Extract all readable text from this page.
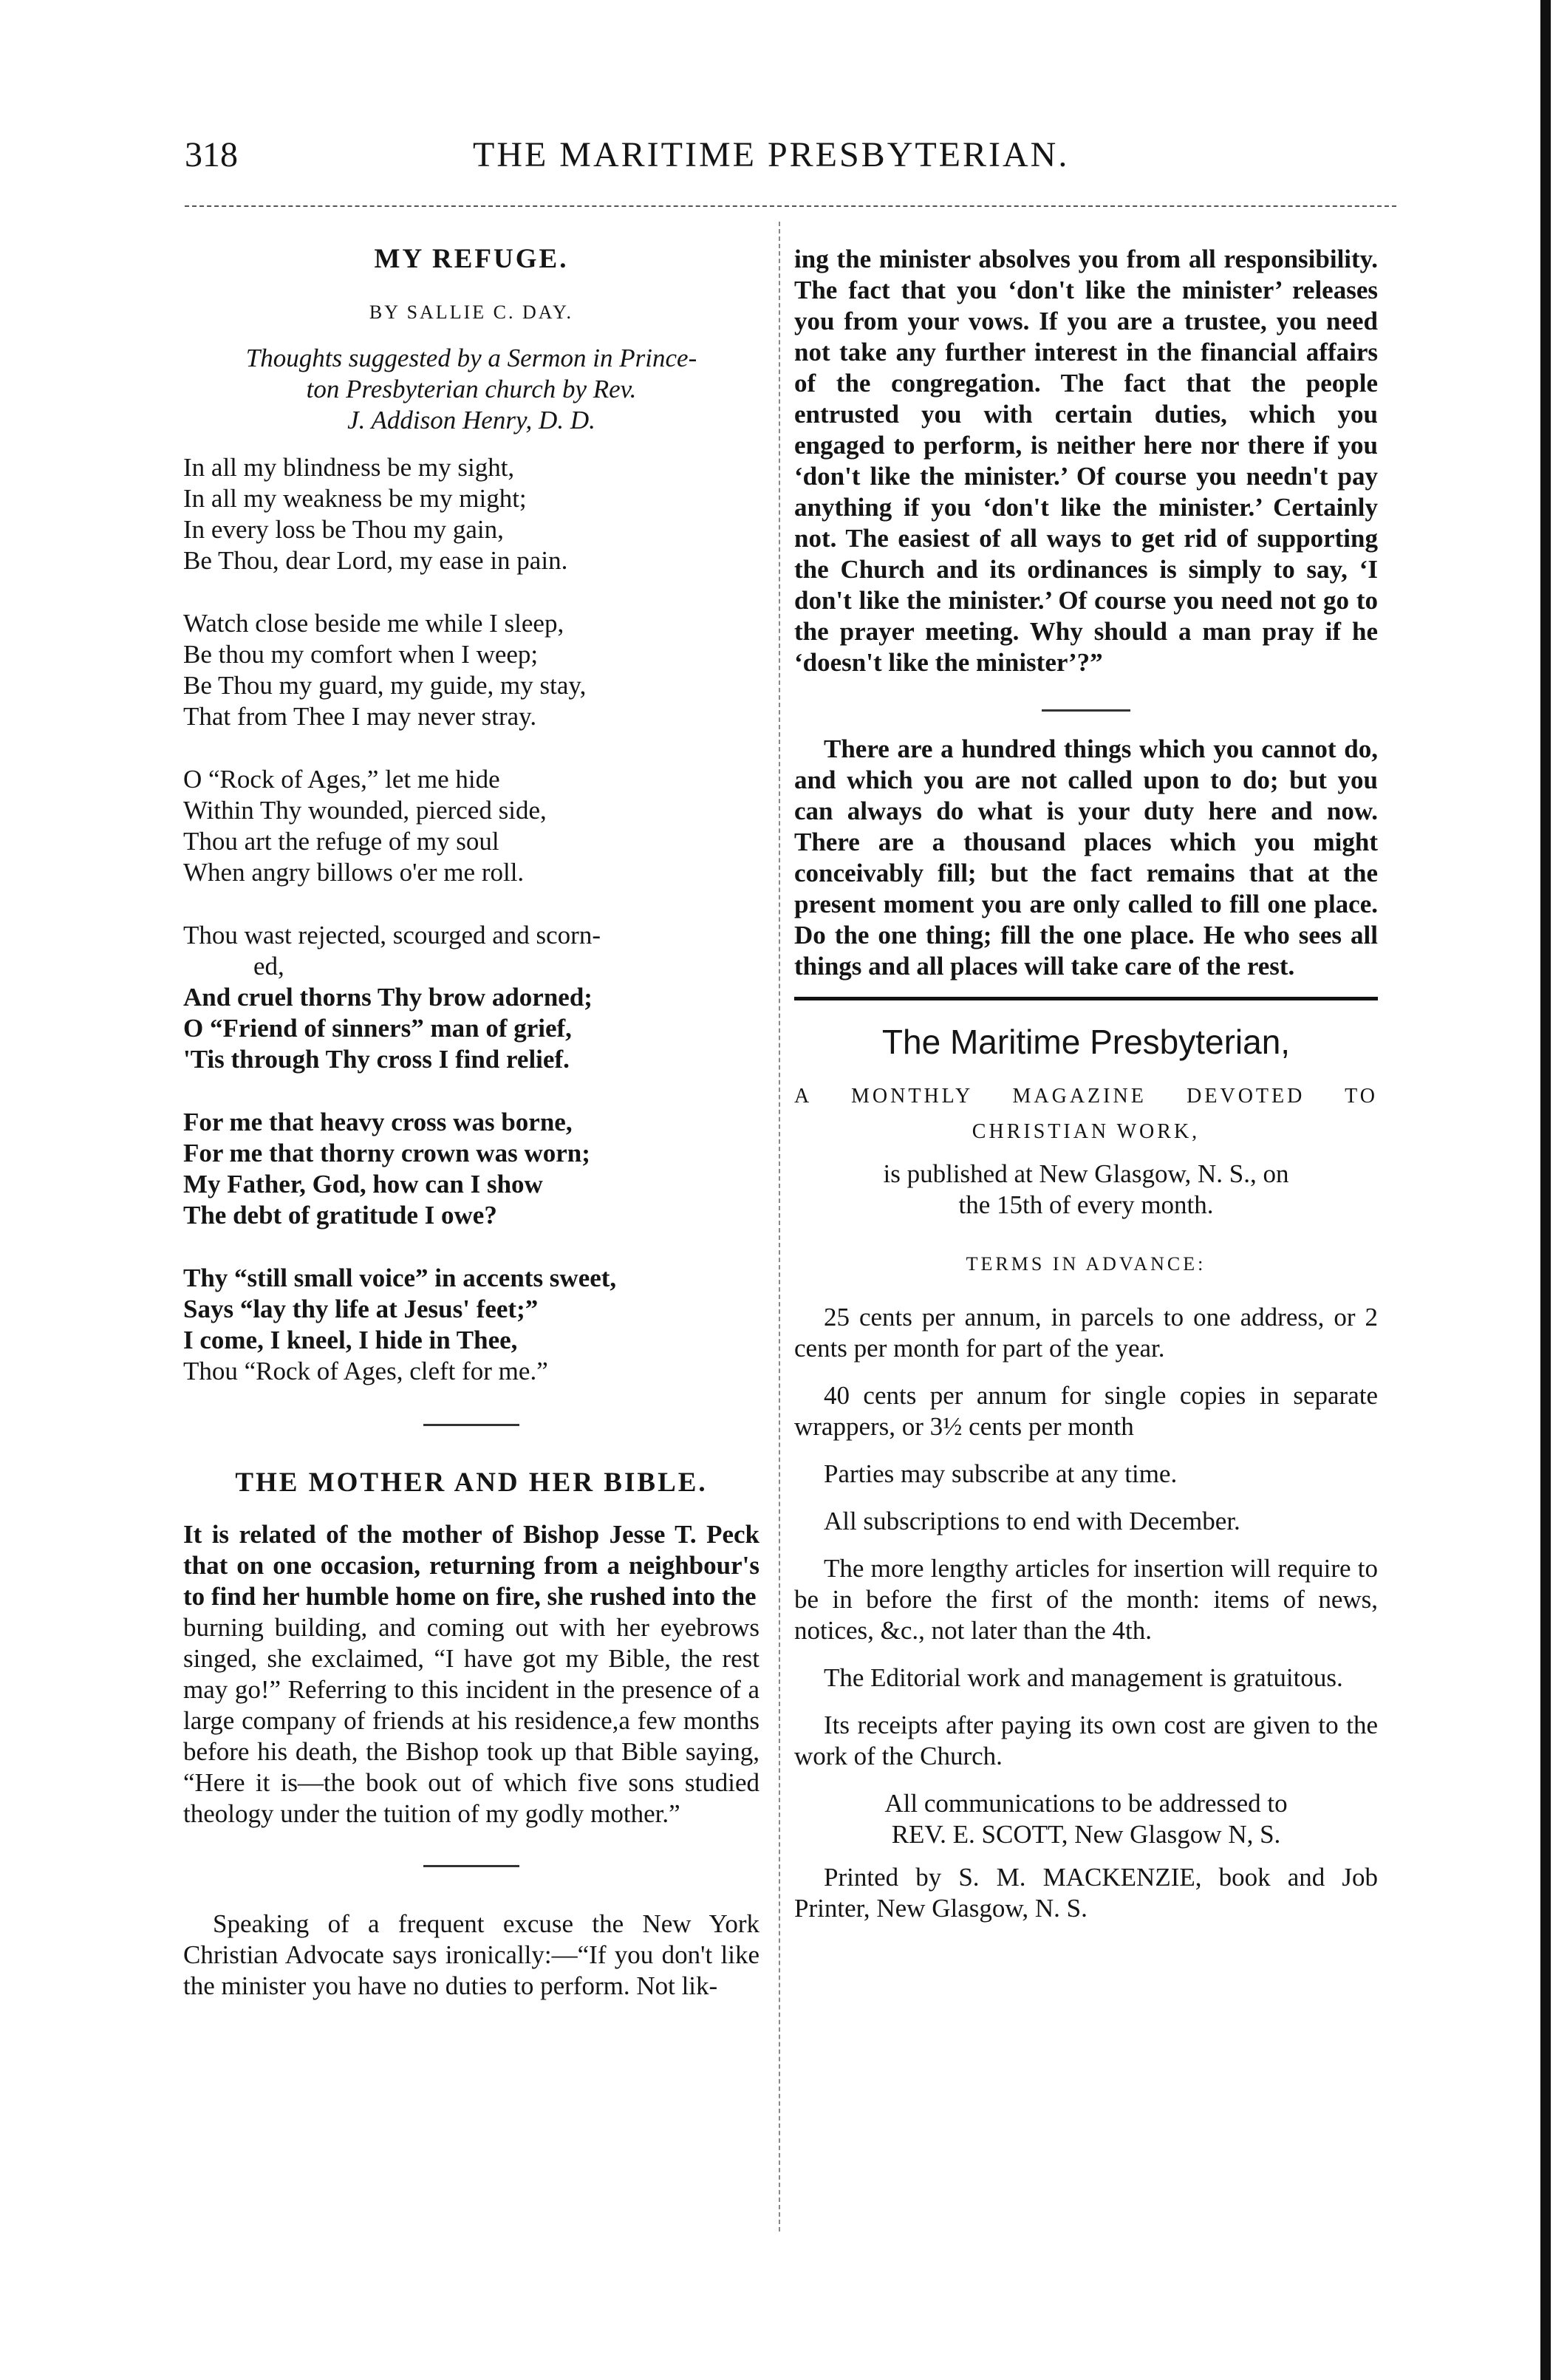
318	THE MARITIME PRESBYTERIAN.
MY REFUGE.
BY SALLIE C. DAY.
Thoughts suggested by a Sermon in Prince-
ton Presbyterian church by Rev.
J. Addison Henry, D. D.
In all my blindness be my sight,
In all my weakness be my might;
In every loss be Thou my gain,
Be Thou, dear Lord, my ease in pain.
Watch close beside me while I sleep,
Be thou my comfort when I weep;
Be Thou my guard, my guide, my stay,
That from Thee I may never stray.
O “Rock of Ages,” let me hide
Within Thy wounded, pierced side,
Thou art the refuge of my soul
When angry billows o'er me roll.
Thou wast rejected, scourged and scorn-
ed,
And cruel thorns Thy brow adorned;
O “Friend of sinners” man of grief,
'Tis through Thy cross I find relief.
For me that heavy cross was borne,
For me that thorny crown was worn;
My Father, God, how can I show
The debt of gratitude I owe?
Thy “still small voice” in accents sweet,
Says “lay thy life at Jesus' feet;”
I come, I kneel, I hide in Thee,
Thou “Rock of Ages, cleft for me.”
THE MOTHER AND HER BIBLE.

It is related of the mother of Bishop Jesse T. Peck that on one occasion, returning from a neighbour's to find her humble home on fire, she rushed into the

burning building, and coming out with her eyebrows singed, she exclaimed, “I have got my Bible, the rest may go!” Referring to this incident in the presence of a large company of friends at his residence,a few months before his death, the Bishop took up that Bible saying, “Here it is—the book out of which five sons studied theology under the tuition of my godly mother.”

Speaking of a frequent excuse the New York Christian Advocate says ironically:—“If you don't like the minister you have no duties to perform. Not lik-

ing the minister absolves you from all responsibility. The fact that you ‘don't like the minister’ releases you from your vows. If you are a trustee, you need not take any further interest in the financial affairs of the congregation. The fact that the people entrusted you with certain duties, which you engaged to perform, is neither here nor there if you ‘don't like the minister.’ Of course you needn't pay anything if you ‘don't like the minister.’ Certainly not. The easiest of all ways to get rid of supporting the Church and its ordinances is simply to say, ‘I don't like the minister.’ Of course you need not go to the prayer meeting. Why should a man pray if he ‘doesn't like the minister’?”

There are a hundred things which you cannot do, and which you are not called upon to do; but you can always do what is your duty here and now. There are a thousand places which you might conceivably fill; but the fact remains that at the present moment you are only called to fill one place. Do the one thing; fill the one place. He who sees all things and all places will take care of the rest.

The Maritime Presbyterian,
A MONTHLY MAGAZINE DEVOTED TO
CHRISTIAN WORK,
is published at New Glasgow, N. S., on
the 15th of every month.
TERMS IN ADVANCE:

25 cents per annum, in parcels to one address, or 2 cents per month for part of the year.

40 cents per annum for single copies in separate wrappers, or 3½ cents per month

Parties may subscribe at any time.

All subscriptions to end with December.

The more lengthy articles for insertion will require to be in before the first of the month: items of news, notices, &c., not later than the 4th.

The Editorial work and management is gratuitous.

Its receipts after paying its own cost are given to the work of the Church.

All communications to be addressed to
REV. E. SCOTT, New Glasgow N, S.

Printed by S. M. MACKENZIE, book and Job Printer, New Glasgow, N. S.
